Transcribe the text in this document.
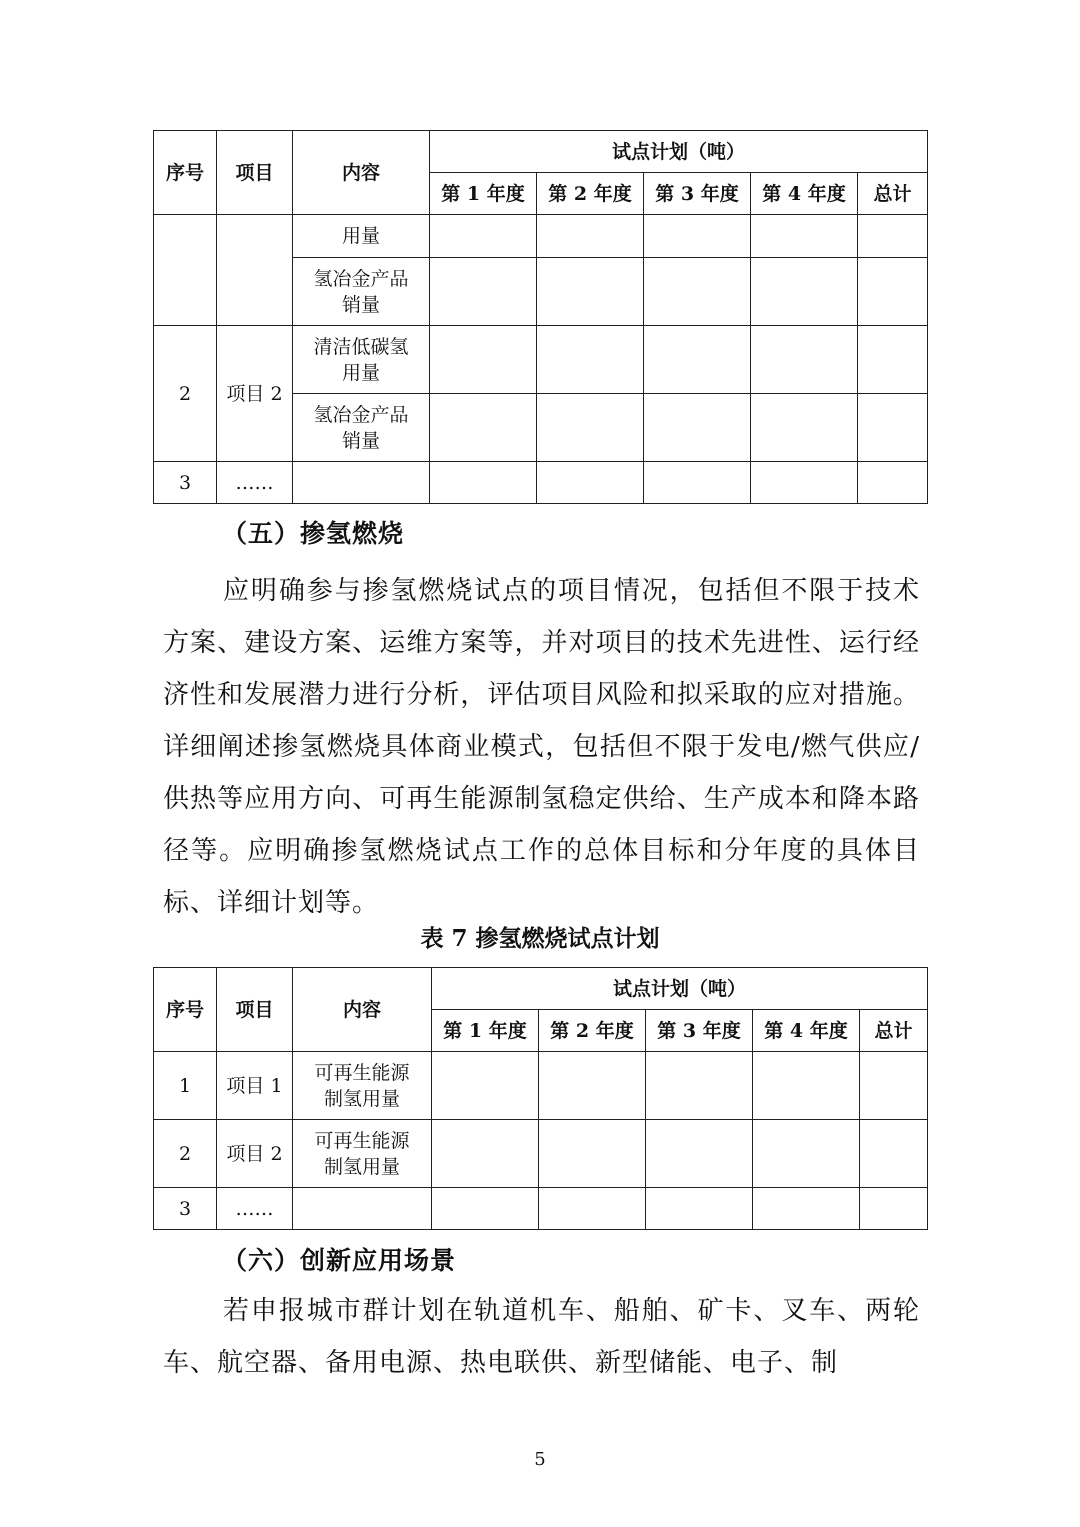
序号	项目	内容	试点计划（吨）				
			第 1 年度	第 2 年度	第 3 年度	第 4 年度	总计
		用量					

		氢冶金产品
销量					

2	项目 2	清洁低碳氢
用量					

		氢冶金产品
销量					

3	……						
（五）掺氢燃烧

应明确参与掺氢燃烧试点的项目情况，包括但不限于技术方案、建设方案、运维方案等，并对项目的技术先进性、运行经济性和发展潜力进行分析，评估项目风险和拟采取的应对措施。详细阐述掺氢燃烧具体商业模式，包括但不限于发电/燃气供应/供热等应用方向、可再生能源制氢稳定供给、生产成本和降本路径等。应明确掺氢燃烧试点工作的总体目标和分年度的具体目标、详细计划等。

表 7 掺氢燃烧试点计划

序号	项目	内容	试点计划（吨）				
			第 1 年度	第 2 年度	第 3 年度	第 4 年度	总计
1	项目 1	可再生能源
制氢用量					

2	项目 2	可再生能源
制氢用量					

3	……						
（六）创新应用场景

若申报城市群计划在轨道机车、船舶、矿卡、叉车、两轮车、航空器、备用电源、热电联供、新型储能、电子、制

5
